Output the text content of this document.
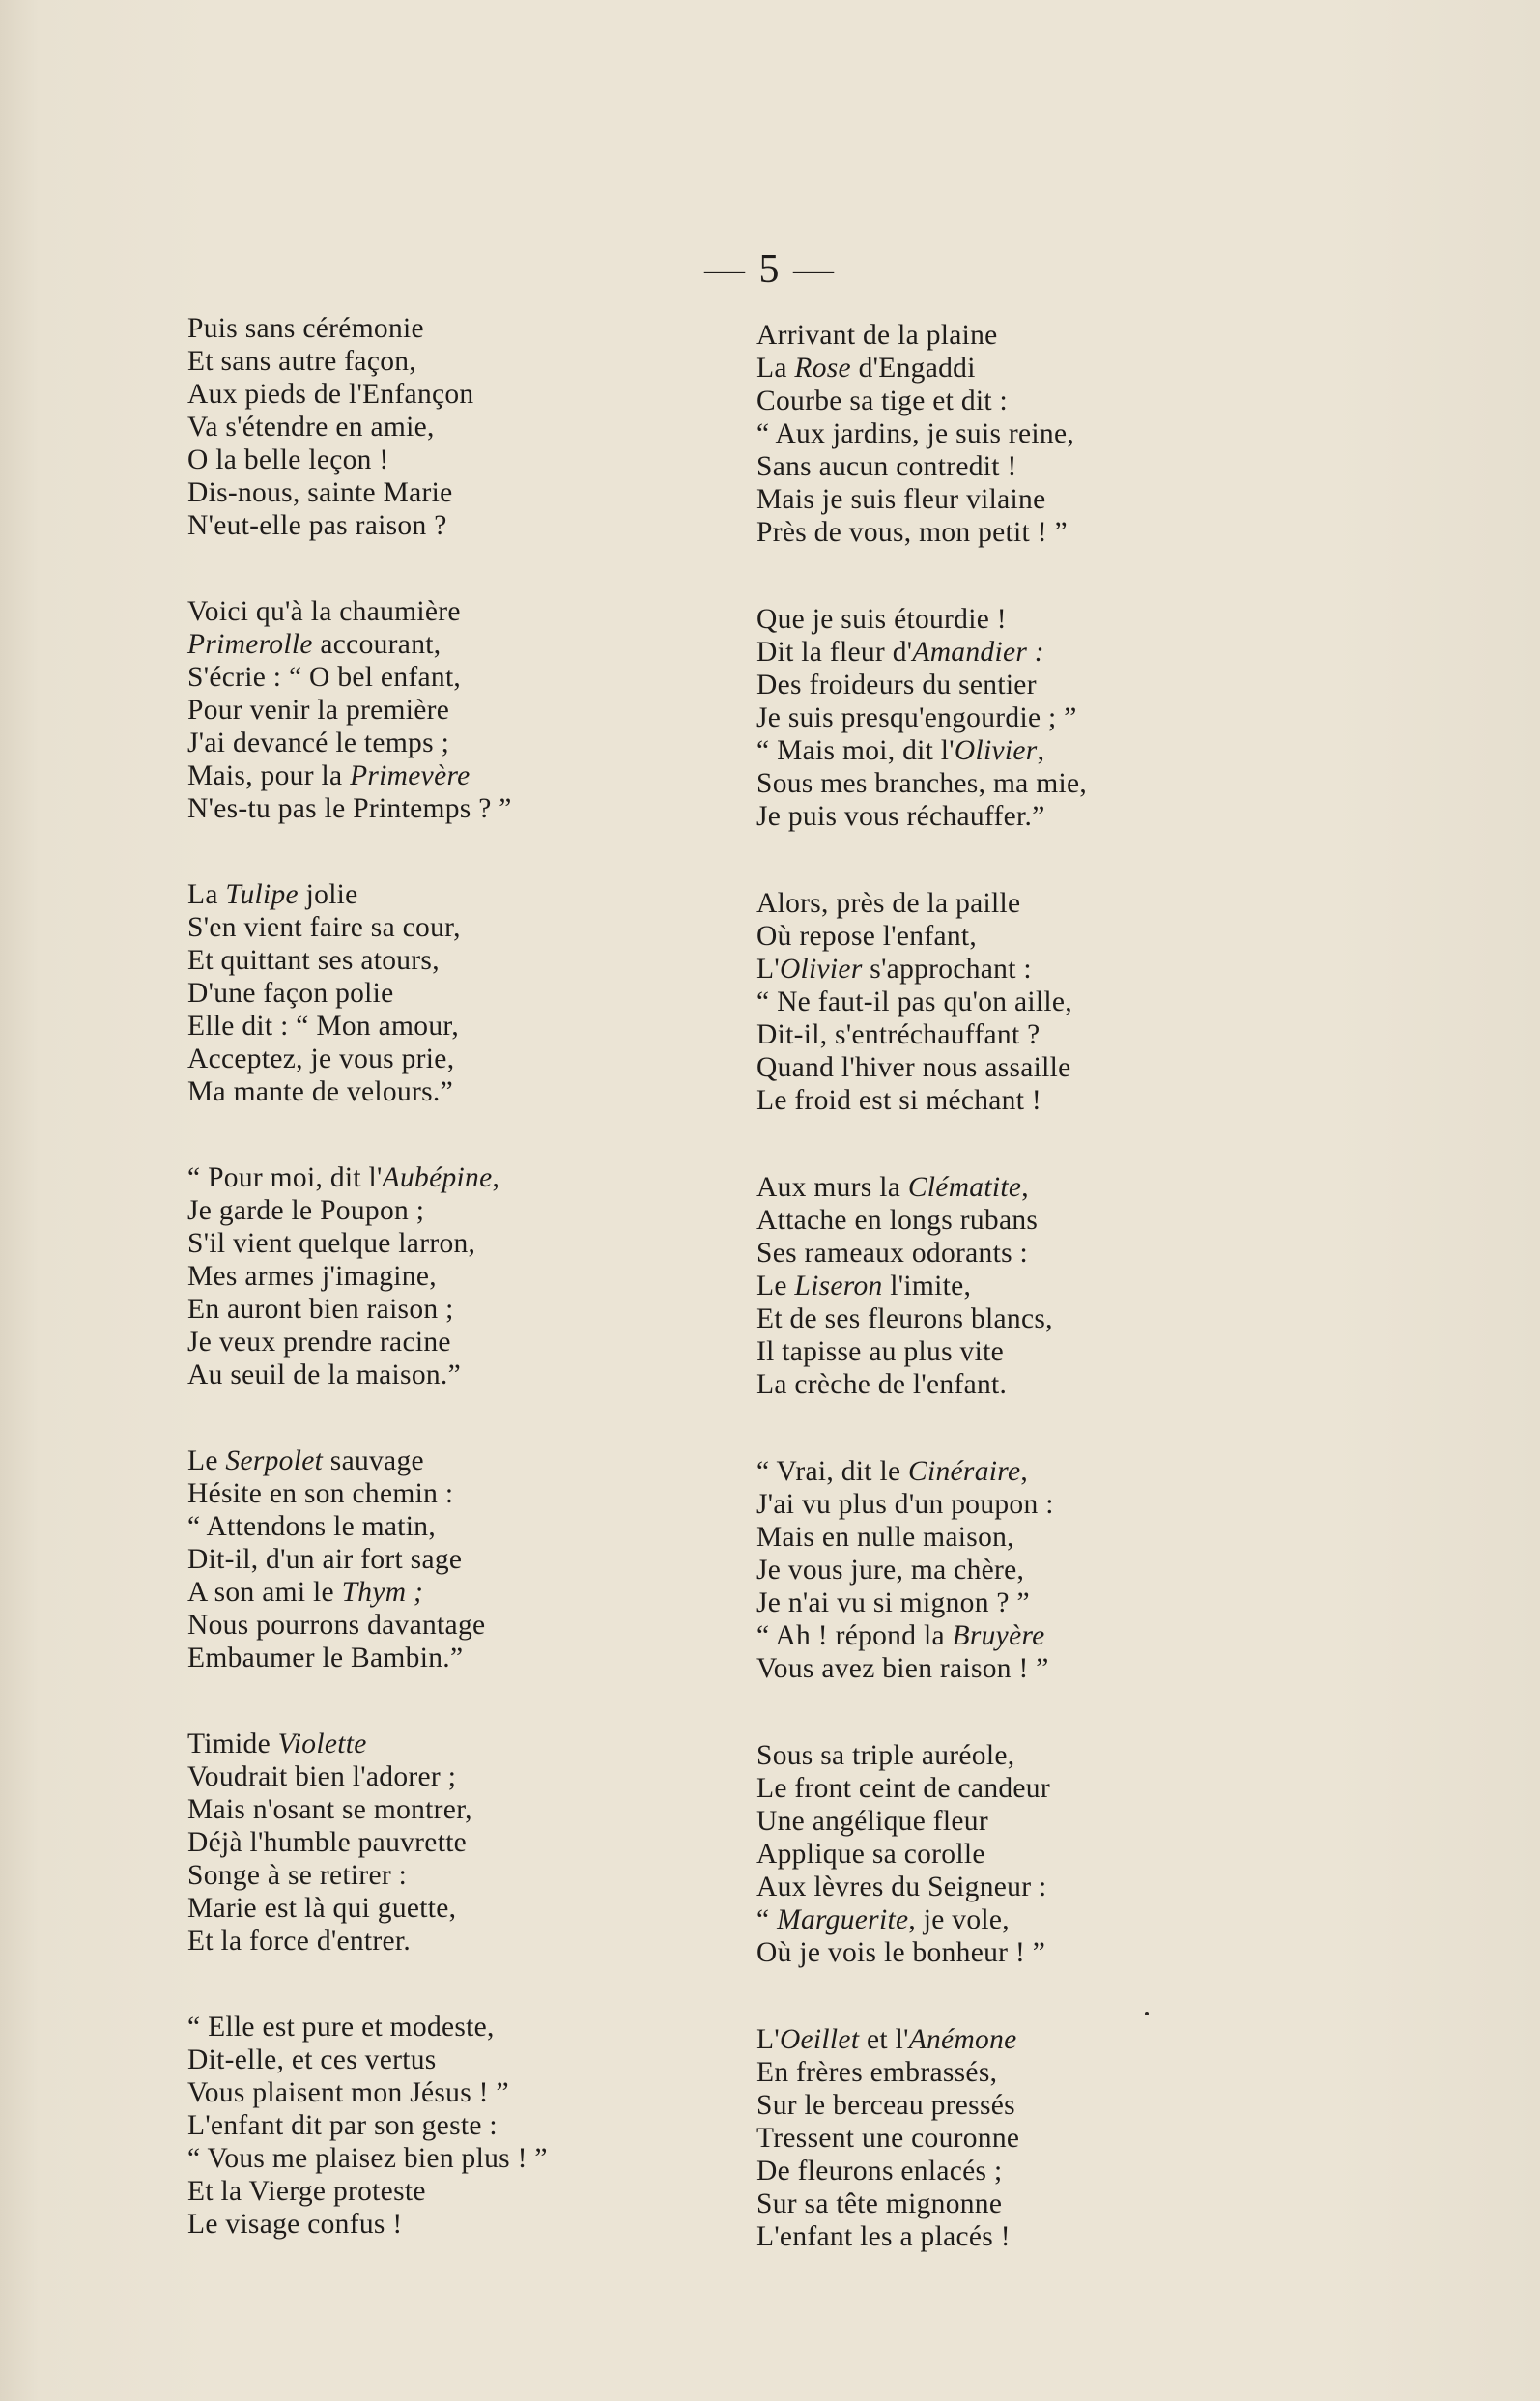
— 5 —
Puis sans cérémonie
Et sans autre façon,
Aux pieds de l'Enfançon
Va s'étendre en amie,
O la belle leçon !
Dis-nous, sainte Marie
N'eut-elle pas raison ?
Voici qu'à la chaumière
Primerolle accourant,
S'écrie : “ O bel enfant,
Pour venir la première
J'ai devancé le temps ;
Mais, pour la Primevère
N'es-tu pas le Printemps ? ”
La Tulipe jolie
S'en vient faire sa cour,
Et quittant ses atours,
D'une façon polie
Elle dit : “ Mon amour,
Acceptez, je vous prie,
Ma mante de velours.”
“ Pour moi, dit l'Aubépine,
Je garde le Poupon ;
S'il vient quelque larron,
Mes armes j'imagine,
En auront bien raison ;
Je veux prendre racine
Au seuil de la maison.”
Le Serpolet sauvage
Hésite en son chemin :
“ Attendons le matin,
Dit-il, d'un air fort sage
A son ami le Thym ;
Nous pourrons davantage
Embaumer le Bambin.”
Timide Violette
Voudrait bien l'adorer ;
Mais n'osant se montrer,
Déjà l'humble pauvrette
Songe à se retirer :
Marie est là qui guette,
Et la force d'entrer.
“ Elle est pure et modeste,
Dit-elle, et ces vertus
Vous plaisent mon Jésus ! ”
L'enfant dit par son geste :
“ Vous me plaisez bien plus ! ”
Et la Vierge proteste
Le visage confus !
Arrivant de la plaine
La Rose d'Engaddi
Courbe sa tige et dit :
“ Aux jardins, je suis reine,
Sans aucun contredit !
Mais je suis fleur vilaine
Près de vous, mon petit ! ”
Que je suis étourdie !
Dit la fleur d'Amandier :
Des froideurs du sentier
Je suis presqu'engourdie ; ”
“ Mais moi, dit l'Olivier,
Sous mes branches, ma mie,
Je puis vous réchauffer.”
Alors, près de la paille
Où repose l'enfant,
L'Olivier s'approchant :
“ Ne faut-il pas qu'on aille,
Dit-il, s'entréchauffant ?
Quand l'hiver nous assaille
Le froid est si méchant !
Aux murs la Clématite,
Attache en longs rubans
Ses rameaux odorants :
Le Liseron l'imite,
Et de ses fleurons blancs,
Il tapisse au plus vite
La crèche de l'enfant.
“ Vrai, dit le Cinéraire,
J'ai vu plus d'un poupon :
Mais en nulle maison,
Je vous jure, ma chère,
Je n'ai vu si mignon ? ”
“ Ah ! répond la Bruyère
Vous avez bien raison ! ”
Sous sa triple auréole,
Le front ceint de candeur
Une angélique fleur
Applique sa corolle
Aux lèvres du Seigneur :
“ Marguerite, je vole,
Où je vois le bonheur ! ”
L'Oeillet et l'Anémone
En frères embrassés,
Sur le berceau pressés
Tressent une couronne
De fleurons enlacés ;
Sur sa tête mignonne
L'enfant les a placés !
